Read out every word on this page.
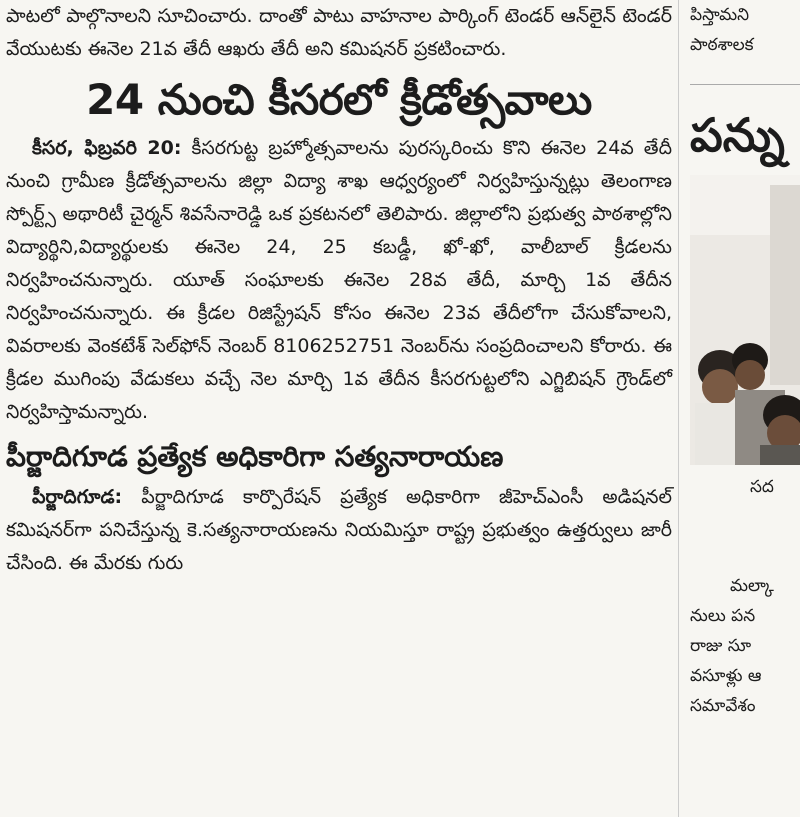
పాటలో పాల్గొనాలని సూచించారు. దాంతో పాటు వాహనాల పార్కింగ్ టెండర్ ఆన్‌లైన్ టెండర్ వేయుటకు ఈనెల 21వ తేదీ ఆఖరు తేదీ అని కమిషనర్ ప్రకటించారు.

24 నుంచి కీసరలో క్రీడోత్సవాలు

కీసర, ఫిబ్రవరి 20: కీసరగుట్ట బ్రహ్మోత్సవాలను పురస్కరించు కొని ఈనెల 24వ తేదీ నుంచి గ్రామీణ క్రీడోత్సవాలను జిల్లా విద్యా శాఖ ఆధ్వర్యంలో నిర్వహిస్తున్నట్లు తెలంగాణ స్పోర్ట్స్ అథారిటీ చైర్మన్ శివసేనారెడ్డి ఒక ప్రకటనలో తెలిపారు. జిల్లాలోని ప్రభుత్వ పాఠశాల్లోని విద్యార్థిని,విద్యార్థులకు ఈనెల 24, 25 కబడ్డీ, ఖో-ఖో, వాలీబాల్ క్రీడలను నిర్వహించనున్నారు. యూత్ సంఘాలకు ఈనెల 28వ తేదీ, మార్చి 1వ తేదీన నిర్వహించనున్నారు. ఈ క్రీడల రిజిస్ట్రేషన్ కోసం ఈనెల 23వ తేదీలోగా చేసుకోవాలని, వివరాలకు వెంకటేశ్ సెల్‌ఫోన్ నెంబర్ 8106252751 నెంబర్‌ను సంప్రదించాలని కోరారు. ఈ క్రీడల ముగింపు వేడుకలు వచ్చే నెల మార్చి 1వ తేదీన కీసరగుట్టలోని ఎగ్జిబిషన్ గ్రౌండ్‌లో నిర్వహిస్తామన్నారు.

పీర్జాదిగూడ ప్రత్యేక అధికారిగా సత్యనారాయణ

పీర్జాదిగూడ: పీర్జాదిగూడ కార్పొరేషన్ ప్రత్యేక అధికారిగా జీహెచ్ఎంసీ అడిషనల్ కమిషనర్‌గా పనిచేస్తున్న కె.సత్యనారాయణను నియమిస్తూ రాష్ట్ర ప్రభుత్వం ఉత్తర్వులు జారీ చేసింది. ఈ మేరకు గురు

పిస్తామని
పాఠశాలక
పన్ను
సద
మల్కా
నులు పన
రాజు సూ
వసూళ్లు ఆ
సమావేశం
